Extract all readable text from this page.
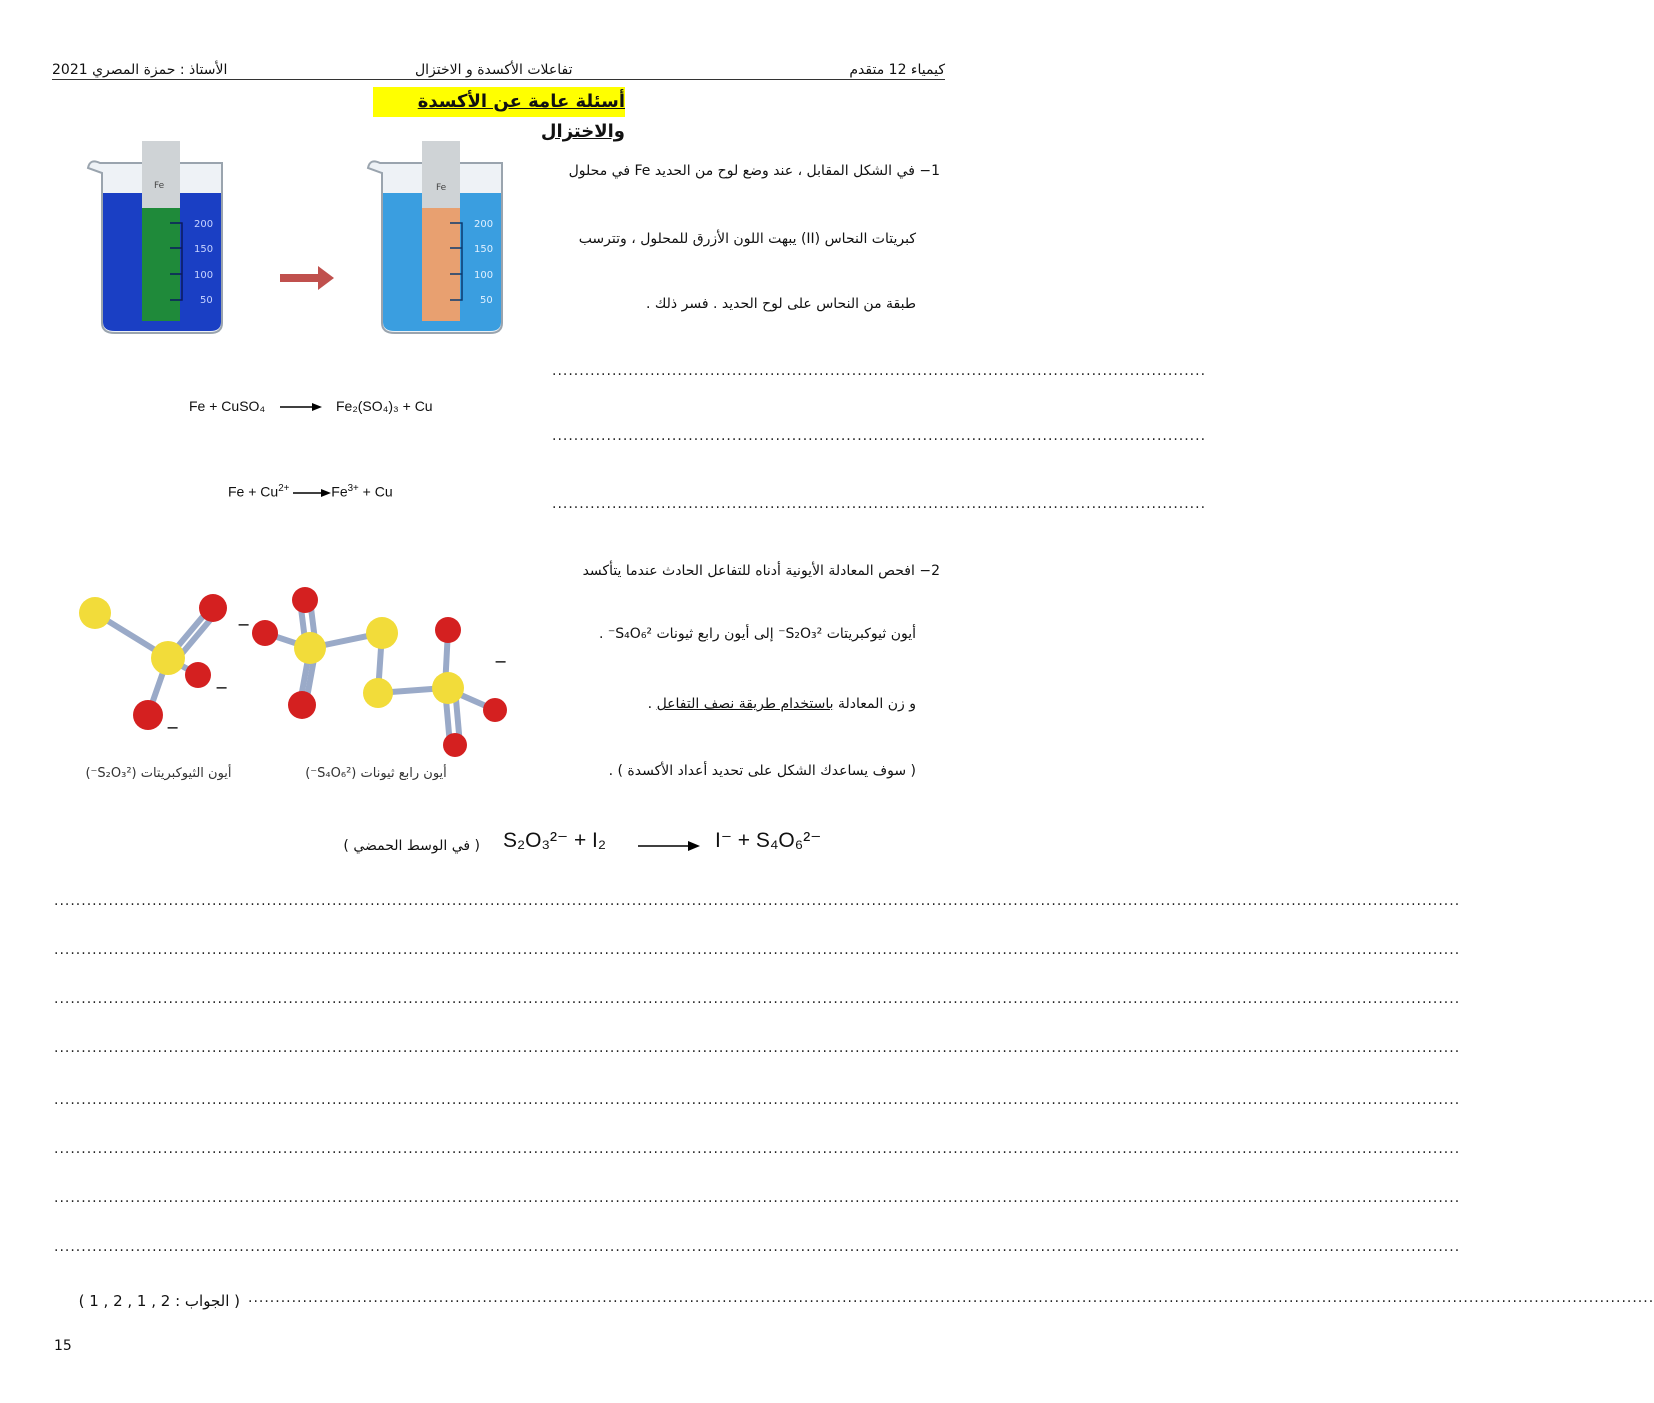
كيمياء 12 متقدم
تفاعلات الأكسدة و الاختزال
الأستاذ : حمزة المصري 2021
أسئلة عامة عن الأكسدة والاختزال
Fe
200
150
100
50
Fe
200
150
100
50
1− في الشكل المقابل ، عند وضع لوح من الحديد Fe في محلول
كبريتات النحاس (II) يبهت اللون الأزرق للمحلول ، وتترسب
طبقة من النحاس على لوح الحديد . فسر ذلك .
........................................................................................................................
........................................................................................................................
........................................................................................................................
Fe + CuSO₄	Fe₂(SO₄)₃ + Cu
$Fe + Cu^{2+}$	$Fe^{3+} + Cu$
2− افحص المعادلة الأيونية أدناه للتفاعل الحادث عندما يتأكسد
أيون ثيوكبريتات S₂O₃²⁻ إلى أيون رابع ثيونات S₄O₆²⁻ .
و زن المعادلة باستخدام طريقة نصف التفاعل .
( سوف يساعدك الشكل على تحديد أعداد الأكسدة ) .
−
−
−
−
أيون الثيوكبريتات (S₂O₃²⁻)	أيون رابع ثيونات (S₄O₆²⁻)
( في الوسط الحمضي ) S₂O₃²⁻ + I₂ → I⁻ + S₄O₆²⁻
..................................................................................................................................................................................................................................................................
..................................................................................................................................................................................................................................................................
..................................................................................................................................................................................................................................................................
..................................................................................................................................................................................................................................................................
..................................................................................................................................................................................................................................................................
..................................................................................................................................................................................................................................................................
..................................................................................................................................................................................................................................................................
..................................................................................................................................................................................................................................................................
..................................................................................................................................................................................................................................................................
( الجواب : 2 , 1 , 2 , 1 )
15
